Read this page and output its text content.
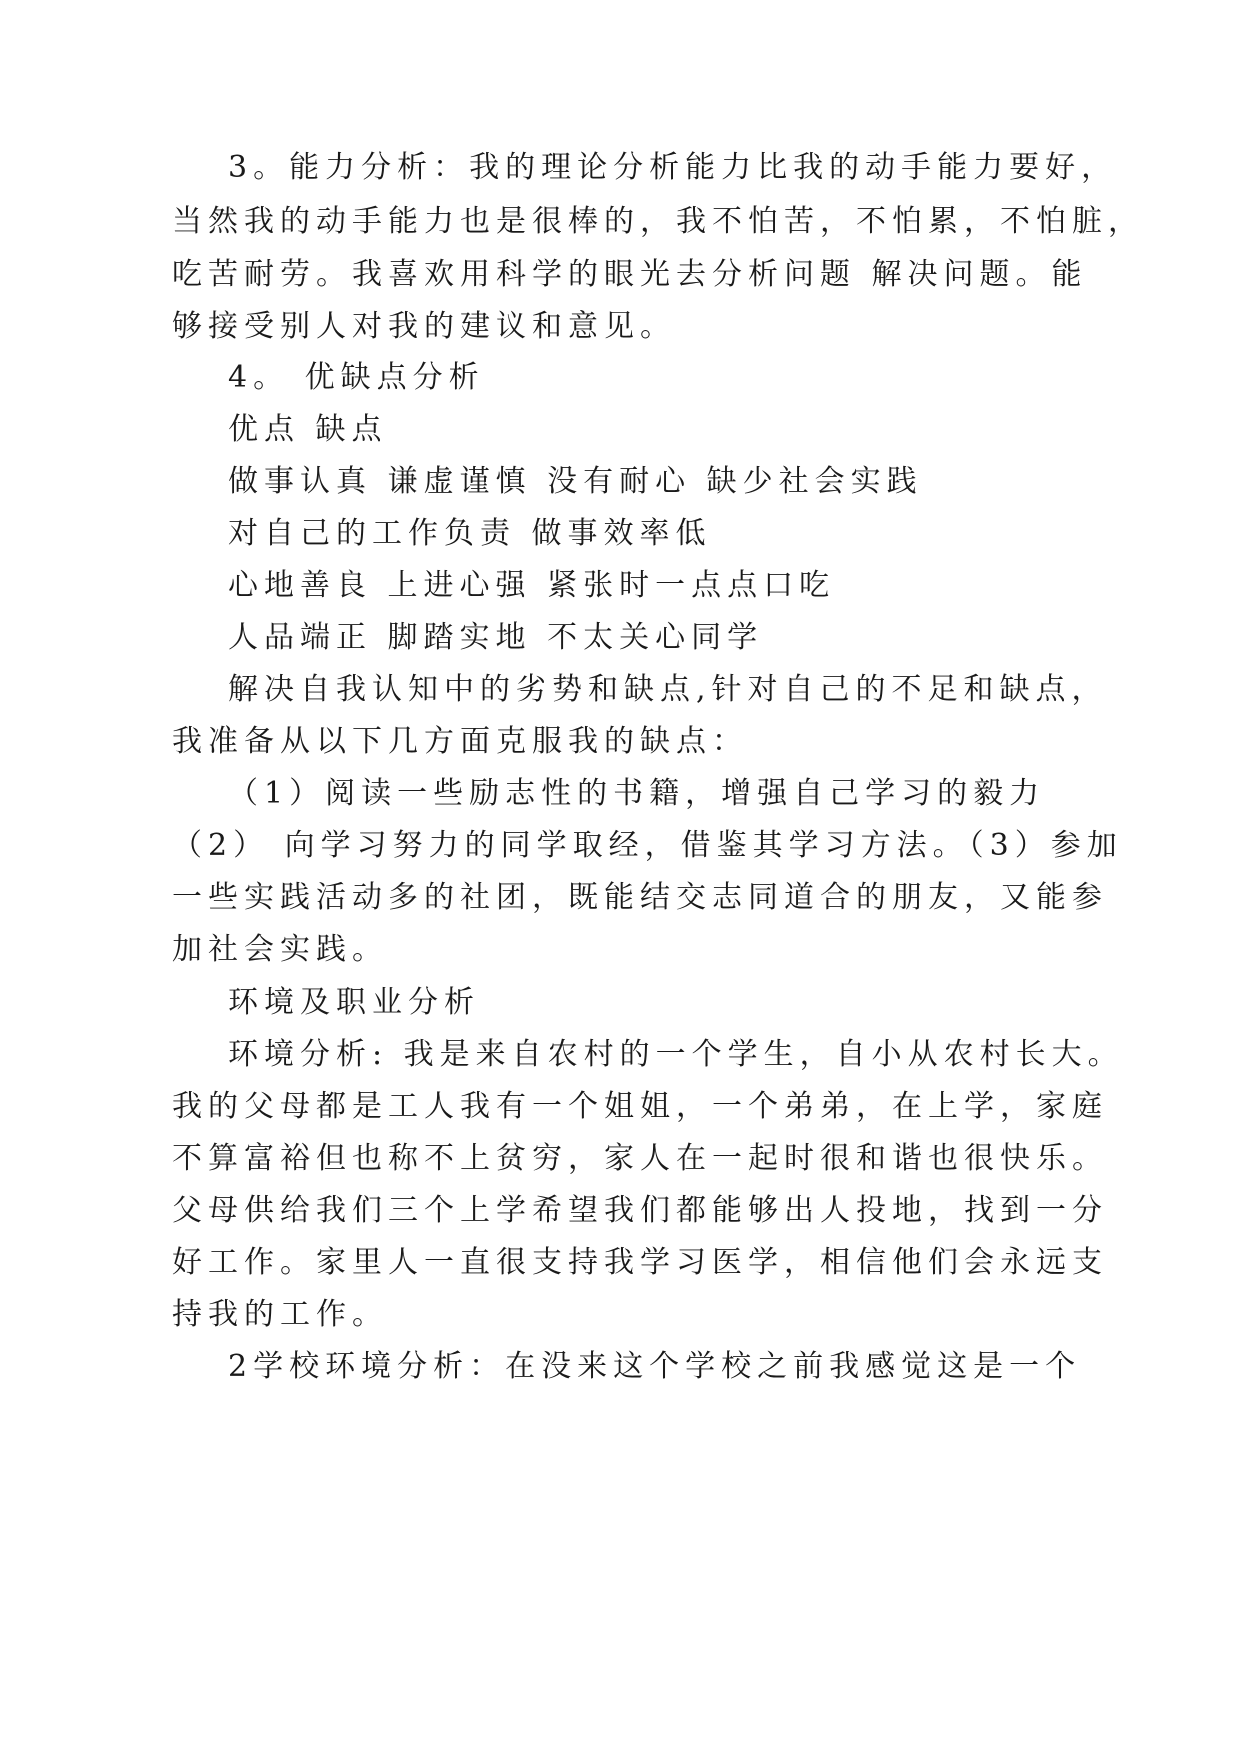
3。能力分析：我的理论分析能力比我的动手能力要好，
当然我的动手能力也是很棒的，我不怕苦，不怕累，不怕脏，
吃苦耐劳。我喜欢用科学的眼光去分析问题 解决问题。能
够接受别人对我的建议和意见。
4。 优缺点分析
优点 缺点
做事认真 谦虚谨慎 没有耐心 缺少社会实践
对自己的工作负责 做事效率低
心地善良 上进心强 紧张时一点点口吃
人品端正 脚踏实地 不太关心同学
解决自我认知中的劣势和缺点,针对自己的不足和缺点，
我准备从以下几方面克服我的缺点：
（1）阅读一些励志性的书籍，增强自己学习的毅力
（2） 向学习努力的同学取经，借鉴其学习方法。（3）参加
一些实践活动多的社团，既能结交志同道合的朋友，又能参
加社会实践。
环境及职业分析
环境分析: 我是来自农村的一个学生，自小从农村长大。
我的父母都是工人我有一个姐姐，一个弟弟，在上学，家庭
不算富裕但也称不上贫穷，家人在一起时很和谐也很快乐。
父母供给我们三个上学希望我们都能够出人投地，找到一分
好工作。家里人一直很支持我学习医学，相信他们会永远支
持我的工作。
2学校环境分析：在没来这个学校之前我感觉这是一个
